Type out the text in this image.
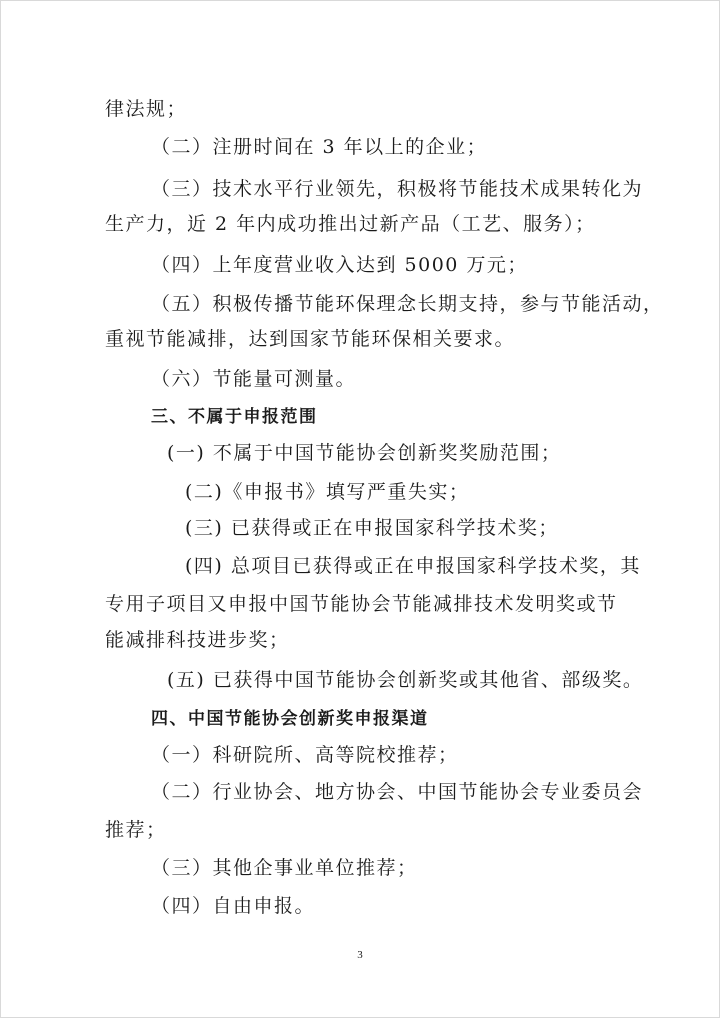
律法规；
（二）注册时间在 3 年以上的企业；
（三）技术水平行业领先，积极将节能技术成果转化为
生产力，近 2 年内成功推出过新产品（工艺、服务）；
（四）上年度营业收入达到 5000 万元；
（五）积极传播节能环保理念长期支持，参与节能活动，
重视节能减排，达到国家节能环保相关要求。
（六）节能量可测量。
三、不属于申报范围
(一) 不属于中国节能协会创新奖奖励范围；
(二)《申报书》填写严重失实；
(三) 已获得或正在申报国家科学技术奖；
(四) 总项目已获得或正在申报国家科学技术奖，其
专用子项目又申报中国节能协会节能减排技术发明奖或节
能减排科技进步奖；
(五) 已获得中国节能协会创新奖或其他省、部级奖。
四、中国节能协会创新奖申报渠道
（一）科研院所、高等院校推荐；
（二）行业协会、地方协会、中国节能协会专业委员会
推荐；
（三）其他企事业单位推荐；
（四）自由申报。
3
